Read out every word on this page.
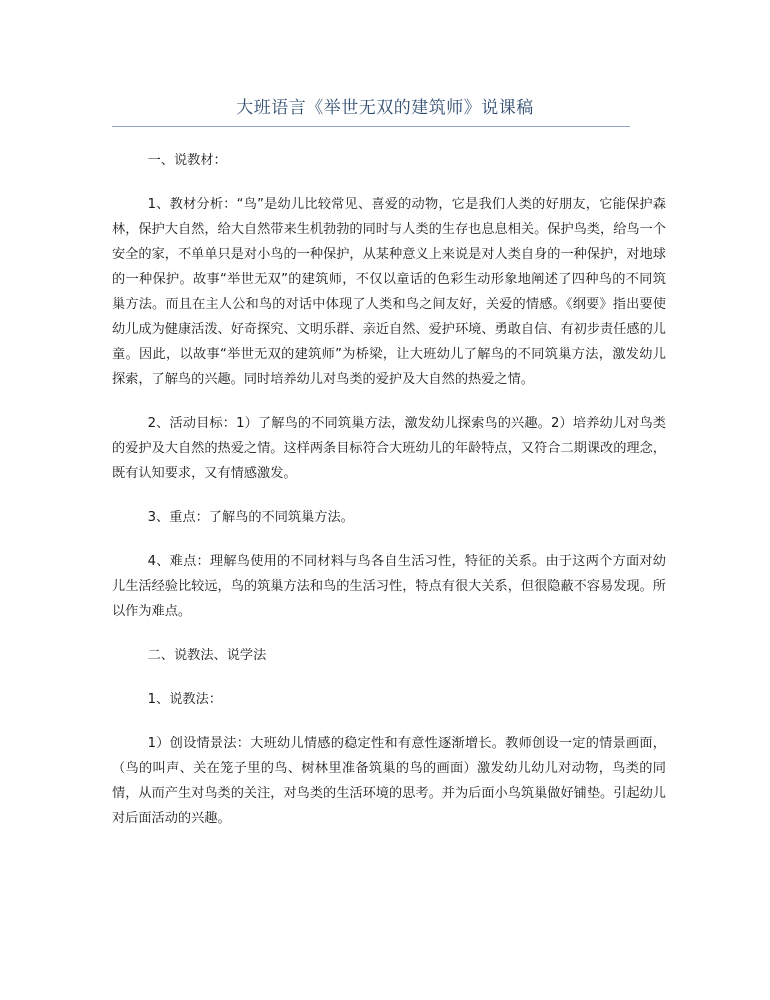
大班语言《举世无双的建筑师》说课稿

一、说教材：

1、教材分析：“鸟”是幼儿比较常见、喜爱的动物，它是我们人类的好朋友，它能保护森林，保护大自然，给大自然带来生机勃勃的同时与人类的生存也息息相关。保护鸟类，给鸟一个安全的家，不单单只是对小鸟的一种保护，从某种意义上来说是对人类自身的一种保护，对地球的一种保护。故事“举世无双”的建筑师，不仅以童话的色彩生动形象地阐述了四种鸟的不同筑巢方法。而且在主人公和鸟的对话中体现了人类和鸟之间友好，关爱的情感。《纲要》指出要使幼儿成为健康活泼、好奇探究、文明乐群、亲近自然、爱护环境、勇敢自信、有初步责任感的儿童。因此，以故事“举世无双的建筑师”为桥梁，让大班幼儿了解鸟的不同筑巢方法，激发幼儿探索，了解鸟的兴趣。同时培养幼儿对鸟类的爱护及大自然的热爱之情。

2、活动目标：1）了解鸟的不同筑巢方法，激发幼儿探索鸟的兴趣。2）培养幼儿对鸟类的爱护及大自然的热爱之情。这样两条目标符合大班幼儿的年龄特点，又符合二期课改的理念，既有认知要求，又有情感激发。

3、重点：了解鸟的不同筑巢方法。

4、难点：理解鸟使用的不同材料与鸟各自生活习性，特征的关系。由于这两个方面对幼儿生活经验比较远，鸟的筑巢方法和鸟的生活习性，特点有很大关系，但很隐蔽不容易发现。所以作为难点。

二、说教法、说学法

1、说教法：

1）创设情景法：大班幼儿情感的稳定性和有意性逐渐增长。教师创设一定的情景画面，（鸟的叫声、关在笼子里的鸟、树林里准备筑巢的鸟的画面）激发幼儿幼儿对动物，鸟类的同情，从而产生对鸟类的关注，对鸟类的生活环境的思考。并为后面小鸟筑巢做好铺垫。引起幼儿对后面活动的兴趣。
